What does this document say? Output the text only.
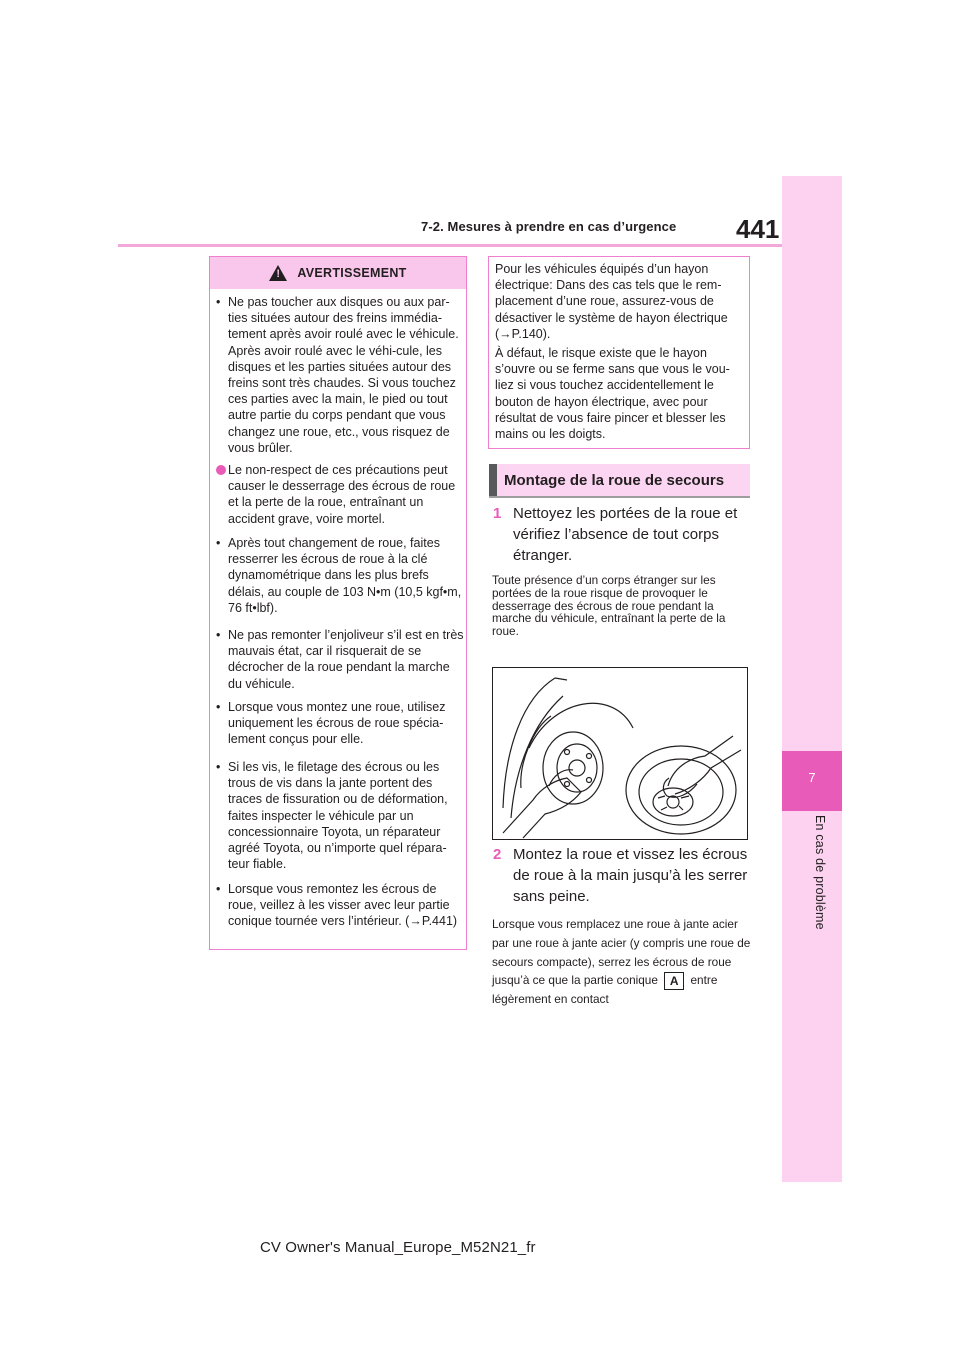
441
7-2. Mesures à prendre en cas d’urgence
7
En cas de problème
! AVERTISSEMENT
• Ne pas toucher aux disques ou aux par-ties situées autour des freins immédia-tement après avoir roulé avec le véhicule. Après avoir roulé avec le véhi-cule, les disques et les parties situées autour des freins sont très chaudes. Si vous touchez ces parties avec la main, le pied ou tout autre partie du corps pendant que vous changez une roue, etc., vous risquez de vous brûler.
Le non-respect de ces précautions peut causer le desserrage des écrous de roue et la perte de la roue, entraînant un accident grave, voire mortel.
• Après tout changement de roue, faites resserrer les écrous de roue à la clé dynamométrique dans les plus brefs délais, au couple de 103 N•m (10,5 kgf•m, 76 ft•lbf).
• Ne pas remonter l’enjoliveur s’il est en très mauvais état, car il risquerait de se décrocher de la roue pendant la marche du véhicule.
• Lorsque vous montez une roue, utilisez uniquement les écrous de roue spécia-lement conçus pour elle.
• Si les vis, le filetage des écrous ou les trous de vis dans la jante portent des traces de fissuration ou de déformation, faites inspecter le véhicule par un concessionnaire Toyota, un réparateur agréé Toyota, ou n’importe quel répara-teur fiable.
• Lorsque vous remontez les écrous de roue, veillez à les visser avec leur partie conique tournée vers l’intérieur. (→P.441)
Pour les véhicules équipés d’un hayon électrique: Dans des cas tels que le rem-placement d’une roue, assurez-vous de désactiver le système de hayon électrique (→P.140).
À défaut, le risque existe que le hayon s’ouvre ou se ferme sans que vous le vou-liez si vous touchez accidentellement le bouton de hayon électrique, avec pour résultat de vous faire pincer et blesser les mains ou les doigts.
Montage de la roue de secours
1 Nettoyez les portées de la roue et vérifiez l’absence de tout corps étranger.
Toute présence d’un corps étranger sur les portées de la roue risque de provoquer le desserrage des écrous de roue pendant la marche du véhicule, entraînant la perte de la roue.
2 Montez la roue et vissez les écrous de roue à la main jusqu’à les serrer sans peine.
Lorsque vous remplacez une roue à jante acier par une roue à jante acier (y compris une roue de secours compacte), serrez les écrous de roue jusqu’à ce que la partie conique A entre légèrement en contact
CV Owner's Manual_Europe_M52N21_fr
